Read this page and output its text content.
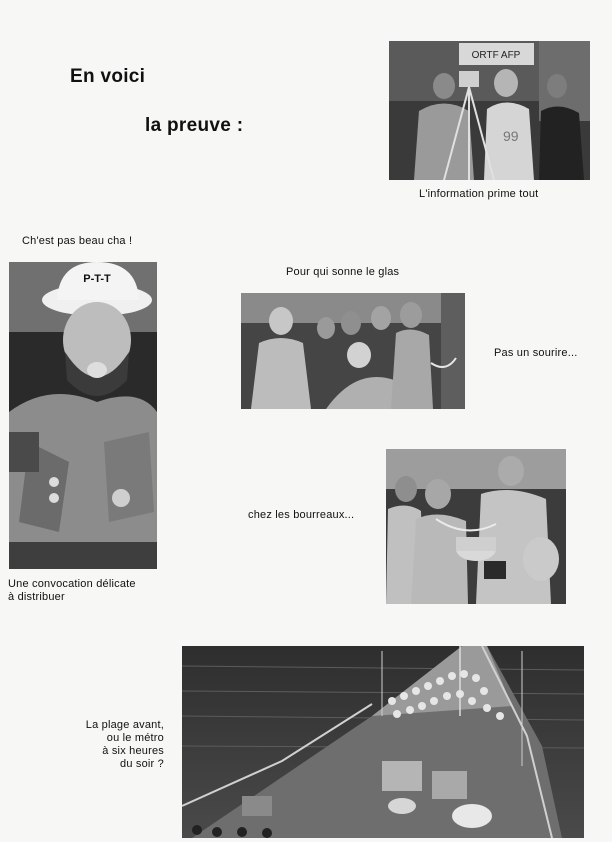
En voici
la preuve :
ORTF AFP
99
L'information prime tout
Ch'est pas beau cha !
P-T-T
Une convocation délicate
à distribuer
Pour qui sonne le glas
Pas un sourire...
chez les bourreaux...
La plage avant,
ou le métro
à six heures
du soir ?
